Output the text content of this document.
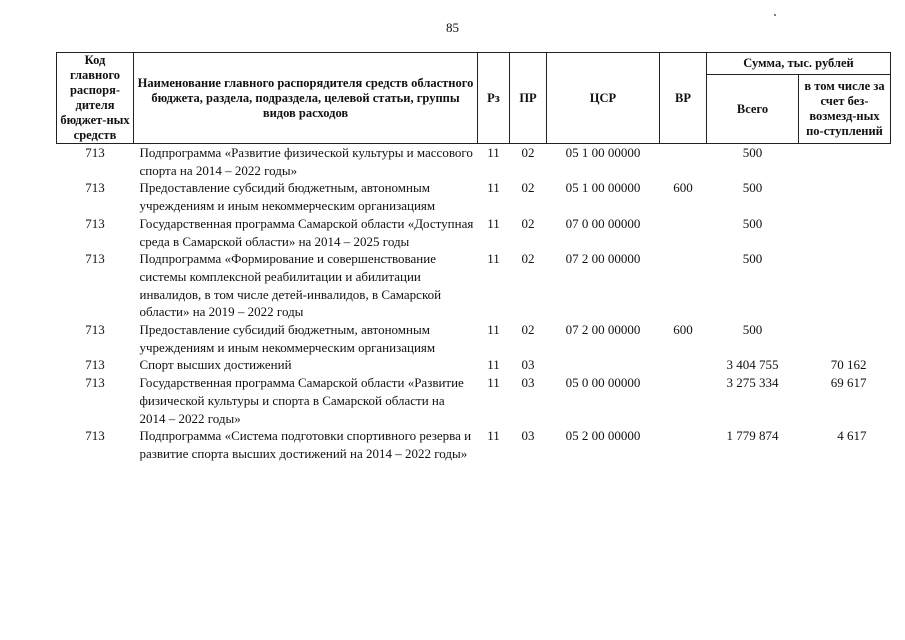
85
Код главного распоря-дителя бюджет-ных средств	Наименование главного распорядителя средств областного бюджета, раздела, подраздела, целевой статьи, группы видов расходов	Рз	ПР	ЦСР	ВР	Сумма, тыс. рублей	
						Всего	в том числе за счет без-возмезд-ных по-ступлений
713	Подпрограмма «Развитие физической культуры и массового спорта на 2014 – 2022 годы»	11	02	05 1 00 00000		500	
713	Предоставление субсидий бюджетным, автономным учреждениям и иным некоммерческим организациям	11	02	05 1 00 00000	600	500	
713	Государственная программа Самарской области «Доступная среда в Самарской области» на 2014 – 2025 годы	11	02	07 0 00 00000		500	
713	Подпрограмма «Формирование и совершенствование системы комплексной реабилитации и абилитации инвалидов, в том числе детей-инвалидов, в Самарской области» на 2019 – 2022 годы	11	02	07 2 00 00000		500	
713	Предоставление субсидий бюджетным, автономным учреждениям и иным некоммерческим организациям	11	02	07 2 00 00000	600	500	
713	Спорт высших достижений	11	03			3 404 755	70 162
713	Государственная программа Самарской области «Развитие физической культуры и спорта в Самарской области на 2014 – 2022 годы»	11	03	05 0 00 00000		3 275 334	69 617
713	Подпрограмма «Система подготовки спортивного резерва и развитие спорта высших достижений на 2014 – 2022 годы»	11	03	05 2 00 00000		1 779 874	4 617
